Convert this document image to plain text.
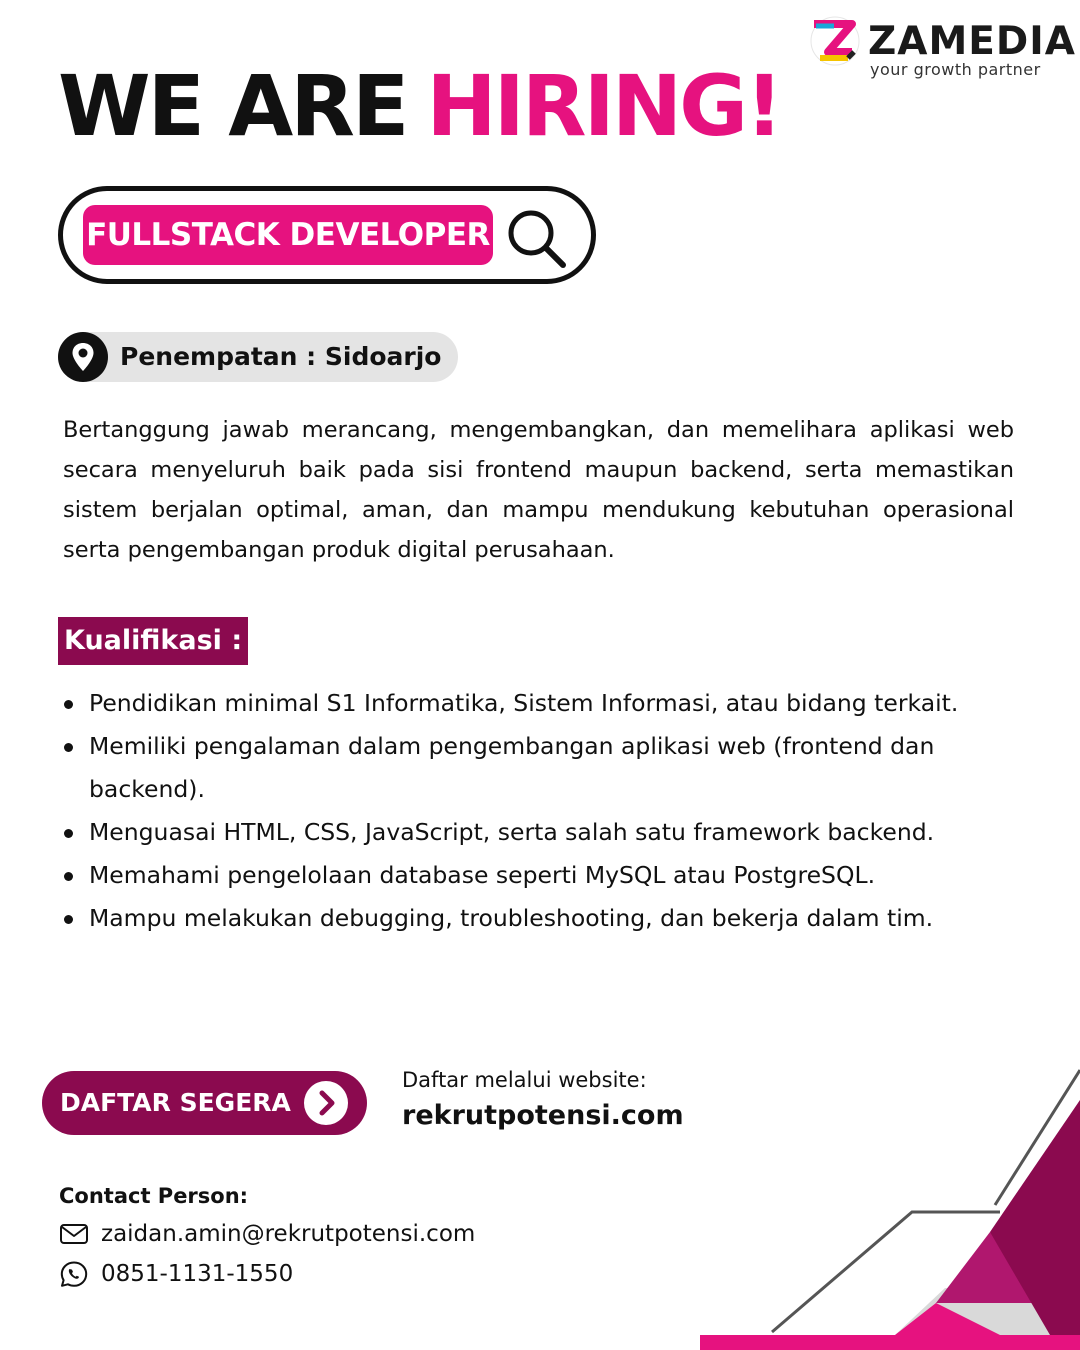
ZAMEDIA
your growth partner
WE ARE HIRING!
FULLSTACK DEVELOPER
Penempatan : Sidoarjo

Bertanggung jawab merancang, mengembangkan, dan memelihara aplikasi web secara menyeluruh baik pada sisi frontend maupun backend, serta memastikan sistem berjalan optimal, aman, dan mampu mendukung kebutuhan operasional serta pengembangan produk digital perusahaan.

Kualifikasi :
Pendidikan minimal S1 Informatika, Sistem Informasi, atau bidang terkait.
Memiliki pengalaman dalam pengembangan aplikasi web (frontend dan backend).
Menguasai HTML, CSS, JavaScript, serta salah satu framework backend.
Memahami pengelolaan database seperti MySQL atau PostgreSQL.
Mampu melakukan debugging, troubleshooting, dan bekerja dalam tim.
DAFTAR SEGERA
Daftar melalui website:
rekrutpotensi.com
Contact Person:
zaidan.amin@rekrutpotensi.com
0851-1131-1550
